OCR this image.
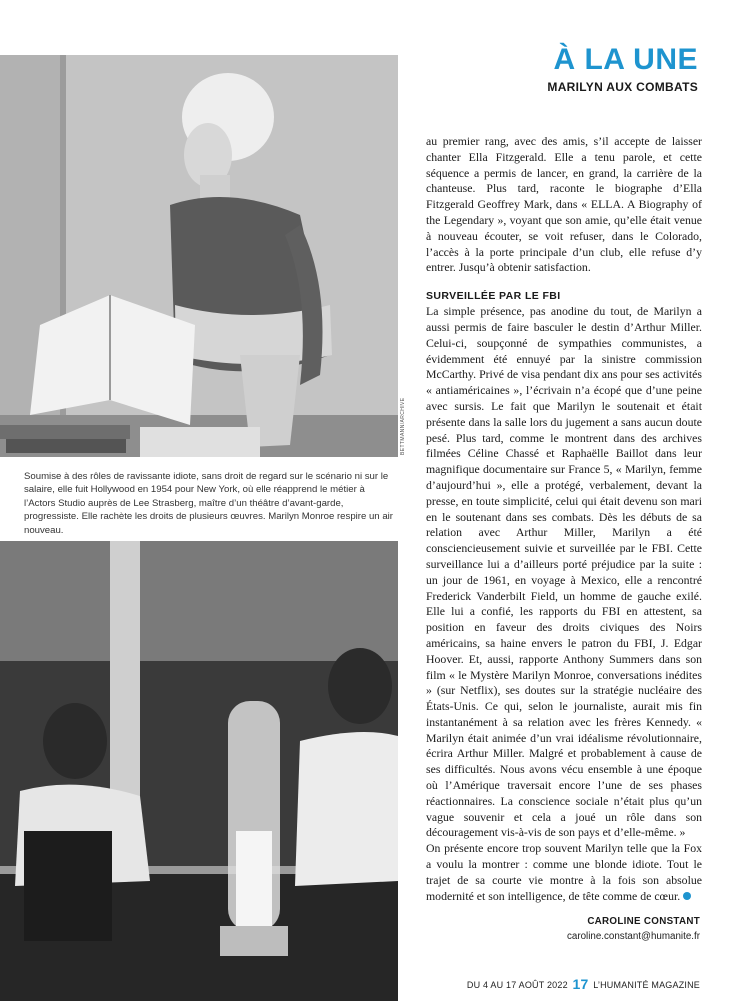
À LA UNE
MARILYN AUX COMBATS
BETTMANN/ARCHIVE

Soumise à des rôles de ravissante idiote, sans droit de regard sur le scénario ni sur le salaire, elle fuit Hollywood en 1954 pour New York, où elle réapprend le métier à l’Actors Studio auprès de Lee Strasberg, maître d’un théâtre d’avant-garde, progressiste. Elle rachète les droits de plusieurs œuvres. Marilyn Monroe respire un air nouveau.

au premier rang, avec des amis, s’il accepte de laisser chanter Ella Fitzgerald. Elle a tenu parole, et cette séquence a permis de lancer, en grand, la carrière de la chanteuse. Plus tard, raconte le biographe d’Ella Fitzgerald Geoffrey Mark, dans « ELLA. A Biography of the Legendary », voyant que son amie, qu’elle était venue à nouveau écouter, se voit refuser, dans le Colorado, l’accès à la porte principale d’un club, elle refuse d’y entrer. Jusqu’à obtenir satisfaction.

SURVEILLÉE PAR LE FBI

La simple présence, pas anodine du tout, de Marilyn a aussi permis de faire basculer le destin d’Arthur Miller. Celui-ci, soupçonné de sympathies communistes, a évidemment été ennuyé par la sinistre commission McCarthy. Privé de visa pendant dix ans pour ses activités « antiaméricaines », l’écrivain n’a écopé que d’une peine avec sursis. Le fait que Marilyn le soutenait et était présente dans la salle lors du jugement a sans aucun doute pesé. Plus tard, comme le montrent dans des archives filmées Céline Chassé et Raphaëlle Baillot dans leur magnifique documentaire sur France 5, « Marilyn, femme d’aujourd’hui », elle a protégé, verbalement, devant la presse, en toute simplicité, celui qui était devenu son mari en le soutenant dans ses combats. Dès les débuts de sa relation avec Arthur Miller, Marilyn a été consciencieusement suivie et surveillée par le FBI. Cette surveillance lui a d’ailleurs porté préjudice par la suite : un jour de 1961, en voyage à Mexico, elle a rencontré Frederick Vanderbilt Field, un homme de gauche exilé. Elle lui a confié, les rapports du FBI en attestent, sa position en faveur des droits civiques des Noirs américains, sa haine envers le patron du FBI, J. Edgar Hoover. Et, aussi, rapporte Anthony Summers dans son film « le Mystère Marilyn Monroe, conversations inédites » (sur Netflix), ses doutes sur la stratégie nucléaire des États-Unis. Ce qui, selon le journaliste, aurait mis fin instantanément à sa relation avec les frères Kennedy. « Marilyn était animée d’un vrai idéalisme révolutionnaire, écrira Arthur Miller. Malgré et probablement à cause de ses difficultés. Nous avons vécu ensemble à une époque où l’Amérique traversait encore l’une de ses phases réactionnaires. La conscience sociale n’était plus qu’un vague souvenir et cela a joué un rôle dans son découragement vis-à-vis de son pays et d’elle-même. »

On présente encore trop souvent Marilyn telle que la Fox a voulu la montrer : comme une blonde idiote. Tout le trajet de sa courte vie montre à la fois son absolue modernité et son intelligence, de tête comme de cœur.

CAROLINE CONSTANT
caroline.constant@humanite.fr
DU 4 AU 17 AOÛT 2022 17 L’HUMANITÉ MAGAZINE
